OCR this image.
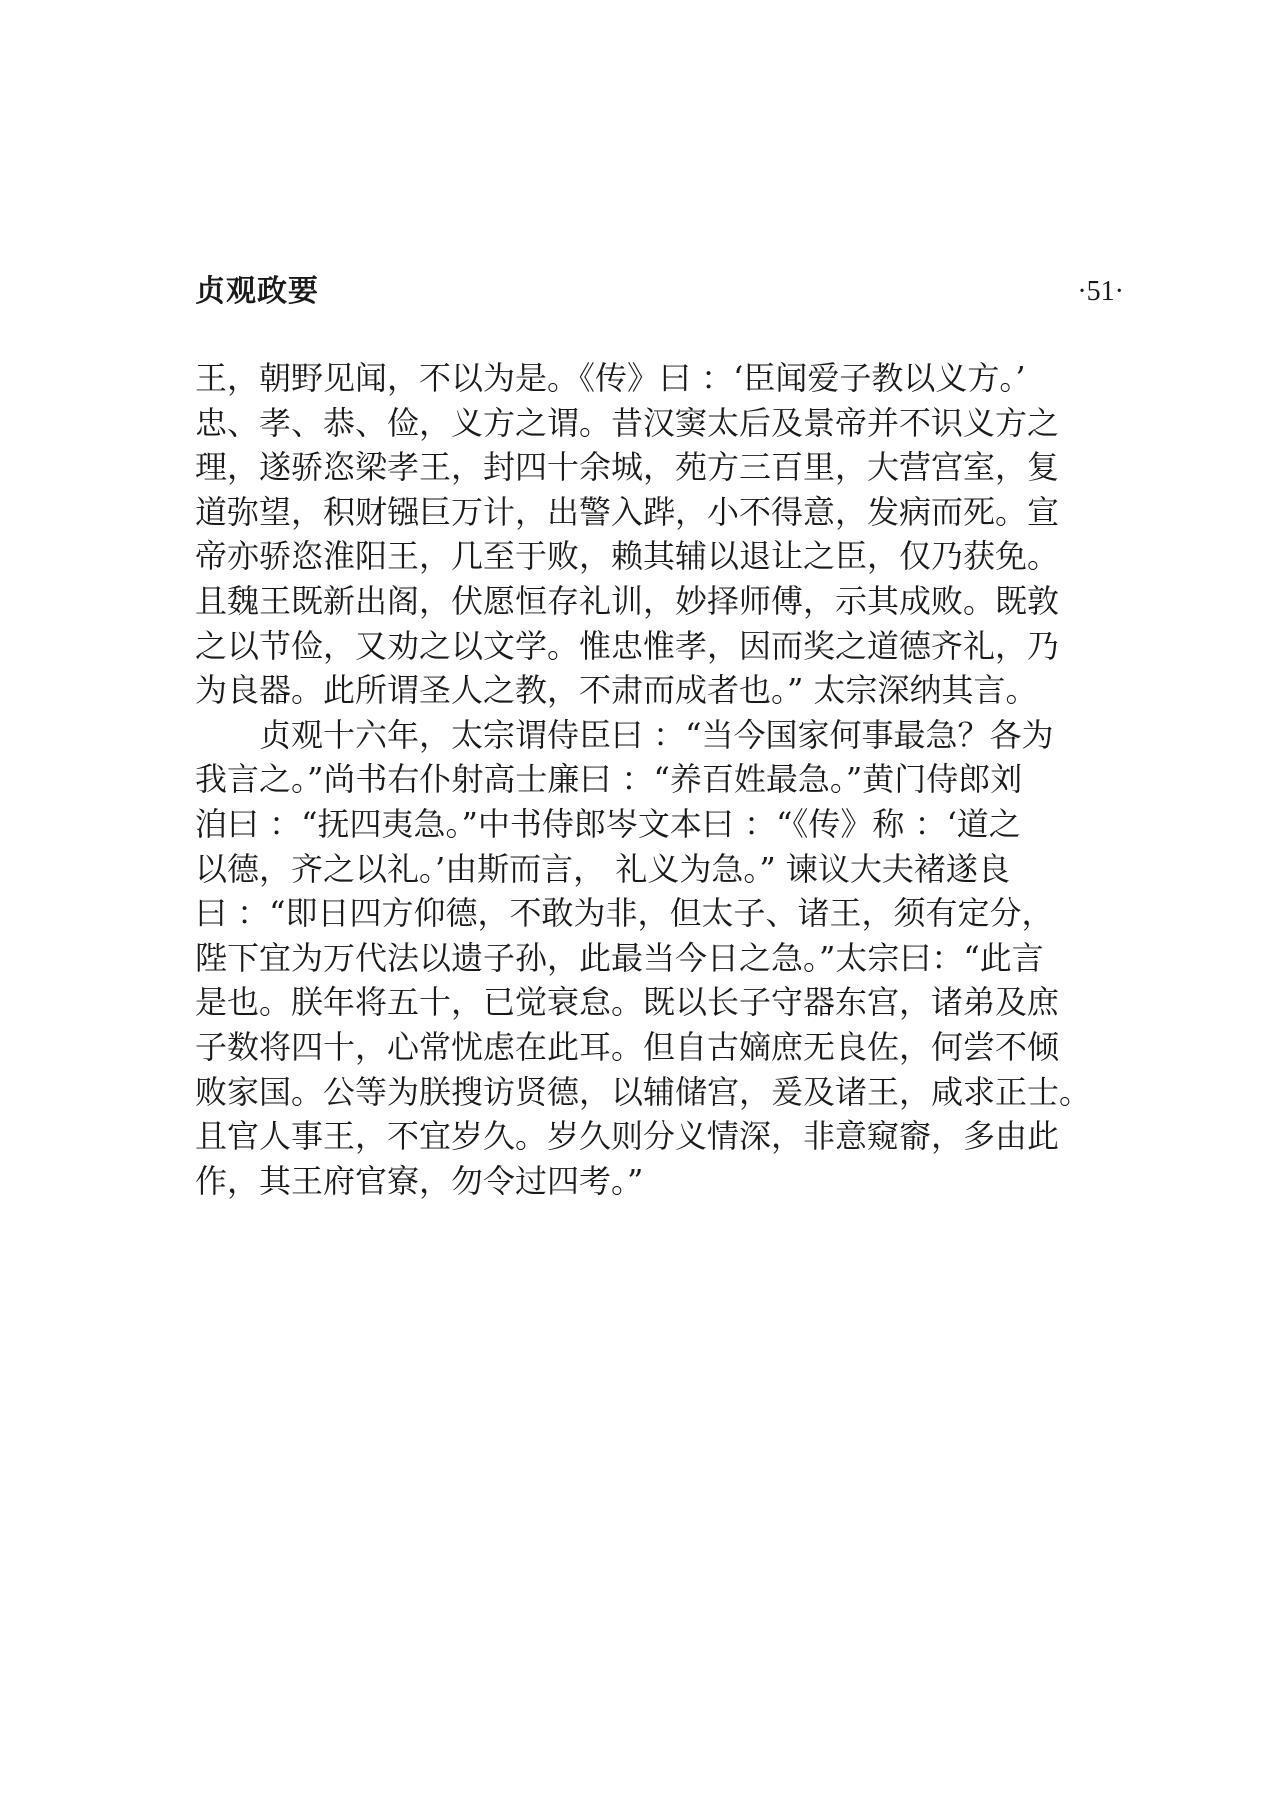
贞观政要	·51·
王，朝野见闻，不以为是。《传》曰 ：‘臣闻爱子教以义方。’
忠、孝、恭、俭，义方之谓。昔汉窦太后及景帝并不识义方之
理，遂骄恣梁孝王，封四十余城，苑方三百里，大营宫室，复
道弥望，积财镪巨万计，出警入跸，小不得意，发病而死。宣
帝亦骄恣淮阳王，几至于败，赖其辅以退让之臣，仅乃获免。
且魏王既新出阁，伏愿恒存礼训，妙择师傅，示其成败。既敦
之以节俭，又劝之以文学。惟忠惟孝，因而奖之道德齐礼，乃
为良器。此所谓圣人之教，不肃而成者也。” 太宗深纳其言。
　　贞观十六年，太宗谓侍臣曰 ：“当今国家何事最急？各为
我言之。”尚书右仆射高士廉曰 ：“养百姓最急。”黄门侍郎刘
洎曰 ：“抚四夷急。”中书侍郎岑文本曰 ：“《传》称 ：‘道之
以德，齐之以礼。’由斯而言， 礼义为急。” 谏议大夫褚遂良
曰 ：“即日四方仰德，不敢为非，但太子、诸王，须有定分，
陛下宜为万代法以遗子孙，此最当今日之急。”太宗曰：“此言
是也。朕年将五十，已觉衰怠。既以长子守器东宫，诸弟及庶
子数将四十，心常忧虑在此耳。但自古嫡庶无良佐，何尝不倾
败家国。公等为朕搜访贤德，以辅储宫，爰及诸王，咸求正士。
且官人事王，不宜岁久。岁久则分义情深，非意窥窬，多由此
作，其王府官寮，勿令过四考。”
